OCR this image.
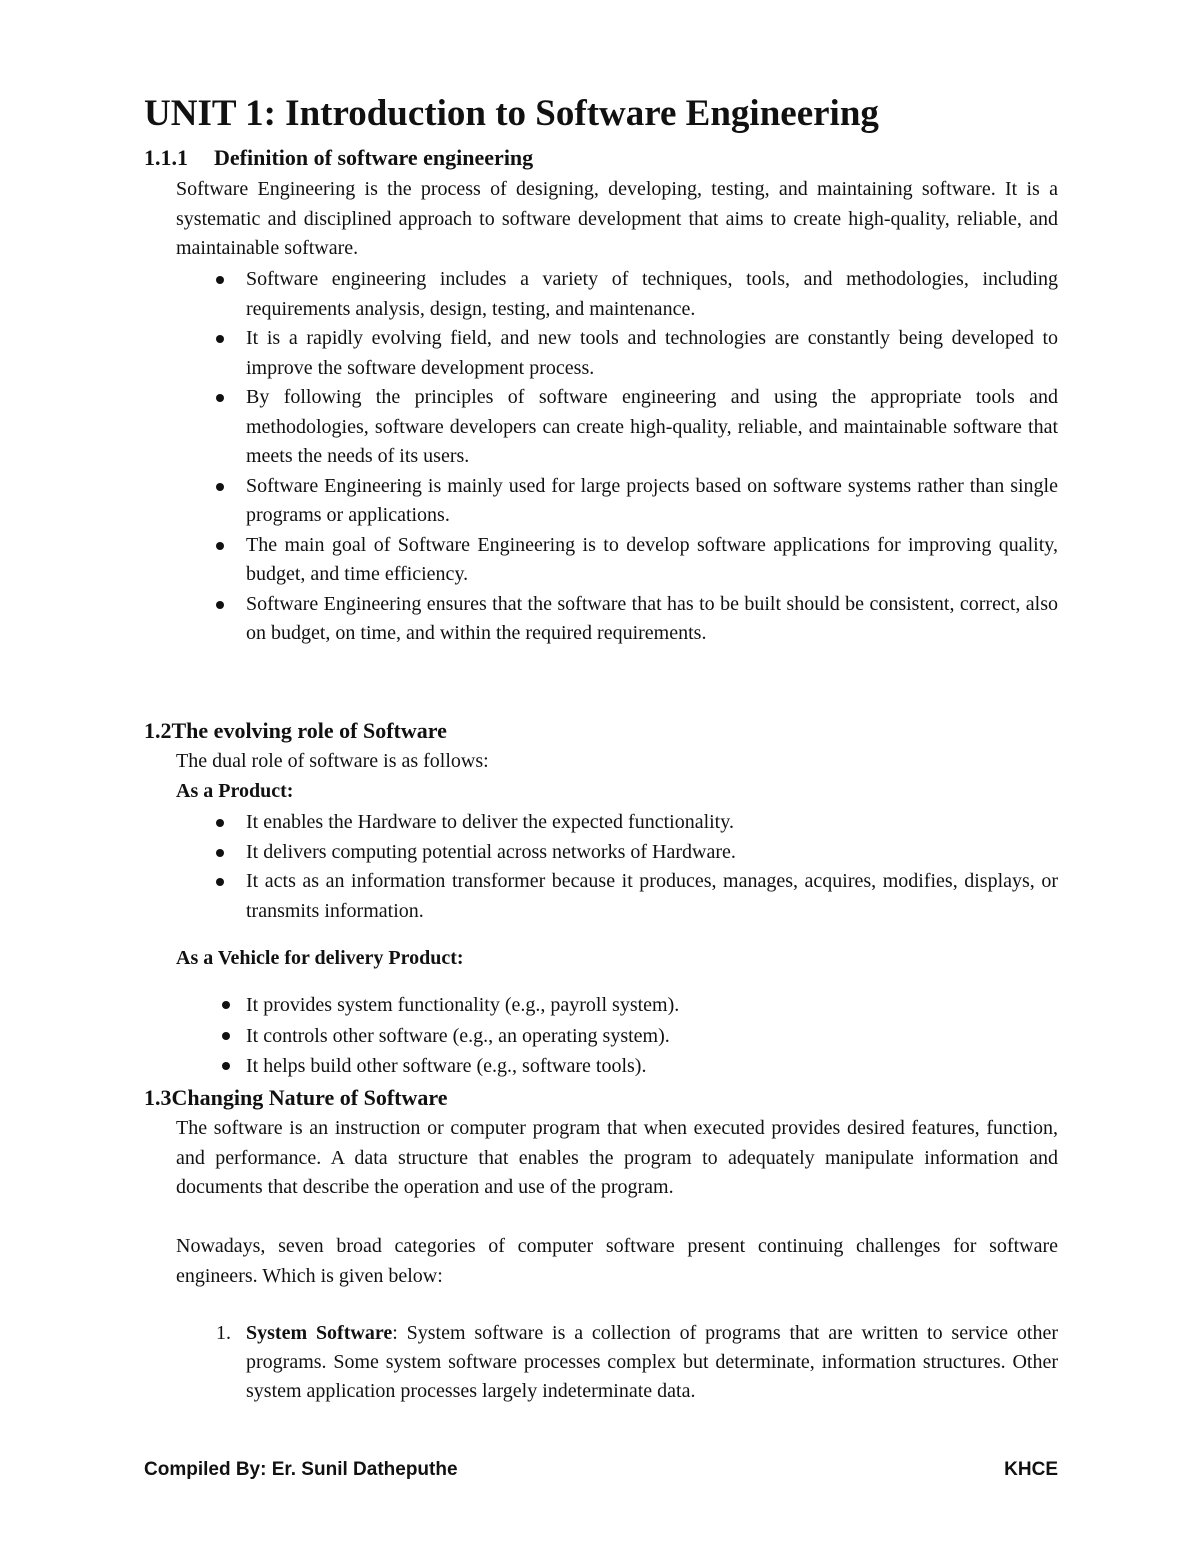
UNIT 1: Introduction to Software Engineering
1.1.1 Definition of software engineering

Software Engineering is the process of designing, developing, testing, and maintaining software. It is a systematic and disciplined approach to software development that aims to create high-quality, reliable, and maintainable software.

Software engineering includes a variety of techniques, tools, and methodologies, including requirements analysis, design, testing, and maintenance.
It is a rapidly evolving field, and new tools and technologies are constantly being developed to improve the software development process.
By following the principles of software engineering and using the appropriate tools and methodologies, software developers can create high-quality, reliable, and maintainable software that meets the needs of its users.
Software Engineering is mainly used for large projects based on software systems rather than single programs or applications.
The main goal of Software Engineering is to develop software applications for improving quality, budget, and time efficiency.
Software Engineering ensures that the software that has to be built should be consistent, correct, also on budget, on time, and within the required requirements.
1.2The evolving role of Software

The dual role of software is as follows:

As a Product:

It enables the Hardware to deliver the expected functionality.
It delivers computing potential across networks of Hardware.
It acts as an information transformer because it produces, manages, acquires, modifies, displays, or transmits information.

As a Vehicle for delivery Product:

It provides system functionality (e.g., payroll system).
It controls other software (e.g., an operating system).
It helps build other software (e.g., software tools).
1.3Changing Nature of Software

The software is an instruction or computer program that when executed provides desired features, function, and performance. A data structure that enables the program to adequately manipulate information and documents that describe the operation and use of the program.

Nowadays, seven broad categories of computer software present continuing challenges for software engineers. Which is given below:

1. System Software: System software is a collection of programs that are written to service other programs. Some system software processes complex but determinate, information structures. Other system application processes largely indeterminate data.
Compiled By: Er. Sunil Datheputhe	KHCE
